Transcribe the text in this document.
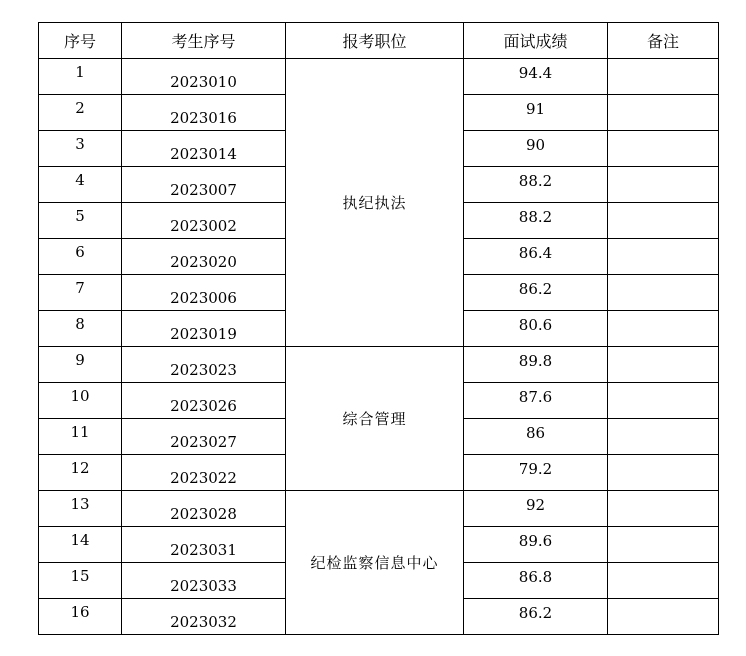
序号	考生序号	报考职位	面试成绩	备注
1	2023010	执纪执法	94.4	
2	2023016		91	
3	2023014		90	
4	2023007		88.2	
5	2023002		88.2	
6	2023020		86.4	
7	2023006		86.2	
8	2023019		80.6	
9	2023023	综合管理	89.8	
10	2023026		87.6	
11	2023027		86	
12	2023022		79.2	
13	2023028	纪检监察信息中心	92	
14	2023031		89.6	
15	2023033		86.8	
16	2023032		86.2	
